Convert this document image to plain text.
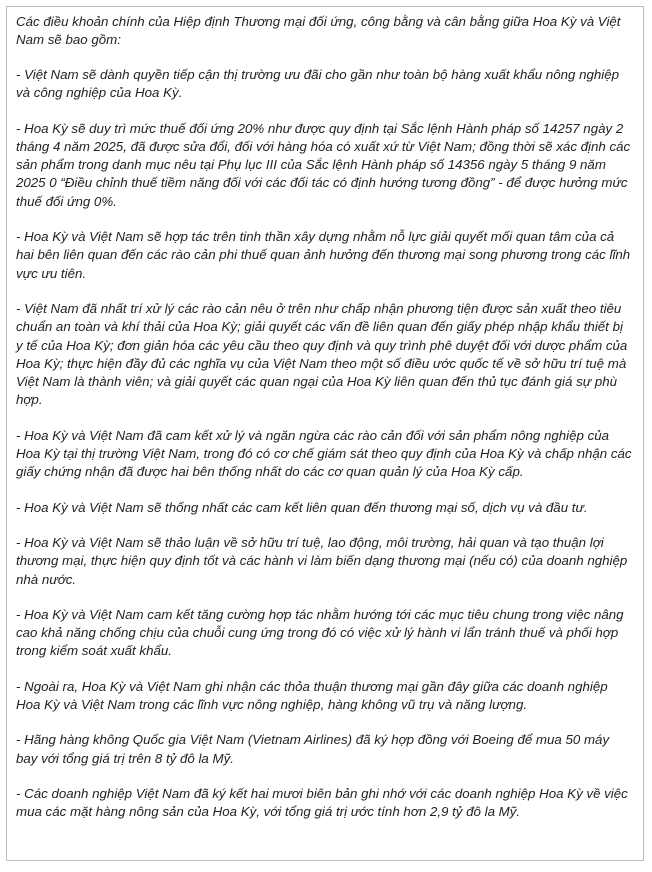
Các điều khoản chính của Hiệp định Thương mại đối ứng, công bằng và cân bằng giữa Hoa Kỳ và Việt Nam sẽ bao gồm:

- Việt Nam sẽ dành quyền tiếp cận thị trường ưu đãi cho gần như toàn bộ hàng xuất khẩu nông nghiệp và công nghiệp của Hoa Kỳ.

- Hoa Kỳ sẽ duy trì mức thuế đối ứng 20% như được quy định tại Sắc lệnh Hành pháp số 14257 ngày 2 tháng 4 năm 2025, đã được sửa đổi, đối với hàng hóa có xuất xứ từ Việt Nam; đồng thời sẽ xác định các sản phẩm trong danh mục nêu tại Phụ lục III của Sắc lệnh Hành pháp số 14356 ngày 5 tháng 9 năm 2025 0 “Điều chỉnh thuế tiềm năng đối với các đối tác có định hướng tương đồng” - để được hưởng mức thuế đối ứng 0%.

- Hoa Kỳ và Việt Nam sẽ hợp tác trên tinh thần xây dựng nhằm nỗ lực giải quyết mối quan tâm của cả hai bên liên quan đến các rào cản phi thuế quan ảnh hưởng đến thương mại song phương trong các lĩnh vực ưu tiên.

- Việt Nam đã nhất trí xử lý các rào cản nêu ở trên như chấp nhận phương tiện được sản xuất theo tiêu chuẩn an toàn và khí thải của Hoa Kỳ; giải quyết các vấn đề liên quan đến giấy phép nhập khẩu thiết bị y tế của Hoa Kỳ; đơn giản hóa các yêu cầu theo quy định và quy trình phê duyệt đối với dược phẩm của Hoa Kỳ; thực hiện đầy đủ các nghĩa vụ của Việt Nam theo một số điều ước quốc tế về sở hữu trí tuệ mà Việt Nam là thành viên; và giải quyết các quan ngại của Hoa Kỳ liên quan đến thủ tục đánh giá sự phù hợp.

- Hoa Kỳ và Việt Nam đã cam kết xử lý và ngăn ngừa các rào cản đối với sản phẩm nông nghiệp của Hoa Kỳ tại thị trường Việt Nam, trong đó có cơ chế giám sát theo quy định của Hoa Kỳ và chấp nhận các giấy chứng nhận đã được hai bên thống nhất do các cơ quan quản lý của Hoa Kỳ cấp.

- Hoa Kỳ và Việt Nam sẽ thống nhất các cam kết liên quan đến thương mại số, dịch vụ và đầu tư.

- Hoa Kỳ và Việt Nam sẽ thảo luận về sở hữu trí tuệ, lao động, môi trường, hải quan và tạo thuận lợi thương mại, thực hiện quy định tốt và các hành vi làm biến dạng thương mại (nếu có) của doanh nghiệp nhà nước.

- Hoa Kỳ và Việt Nam cam kết tăng cường hợp tác nhằm hướng tới các mục tiêu chung trong việc nâng cao khả năng chống chịu của chuỗi cung ứng trong đó có việc xử lý hành vi lẩn tránh thuế và phối hợp trong kiểm soát xuất khẩu.

- Ngoài ra, Hoa Kỳ và Việt Nam ghi nhận các thỏa thuận thương mại gần đây giữa các doanh nghiệp Hoa Kỳ và Việt Nam trong các lĩnh vực nông nghiệp, hàng không vũ trụ và năng lượng.

- Hãng hàng không Quốc gia Việt Nam (Vietnam Airlines) đã ký hợp đồng với Boeing để mua 50 máy bay với tổng giá trị trên 8 tỷ đô la Mỹ.

- Các doanh nghiệp Việt Nam đã ký kết hai mươi biên bản ghi nhớ với các doanh nghiệp Hoa Kỳ về việc mua các mặt hàng nông sản của Hoa Kỳ, với tổng giá trị ước tính hơn 2,9 tỷ đô la Mỹ.
